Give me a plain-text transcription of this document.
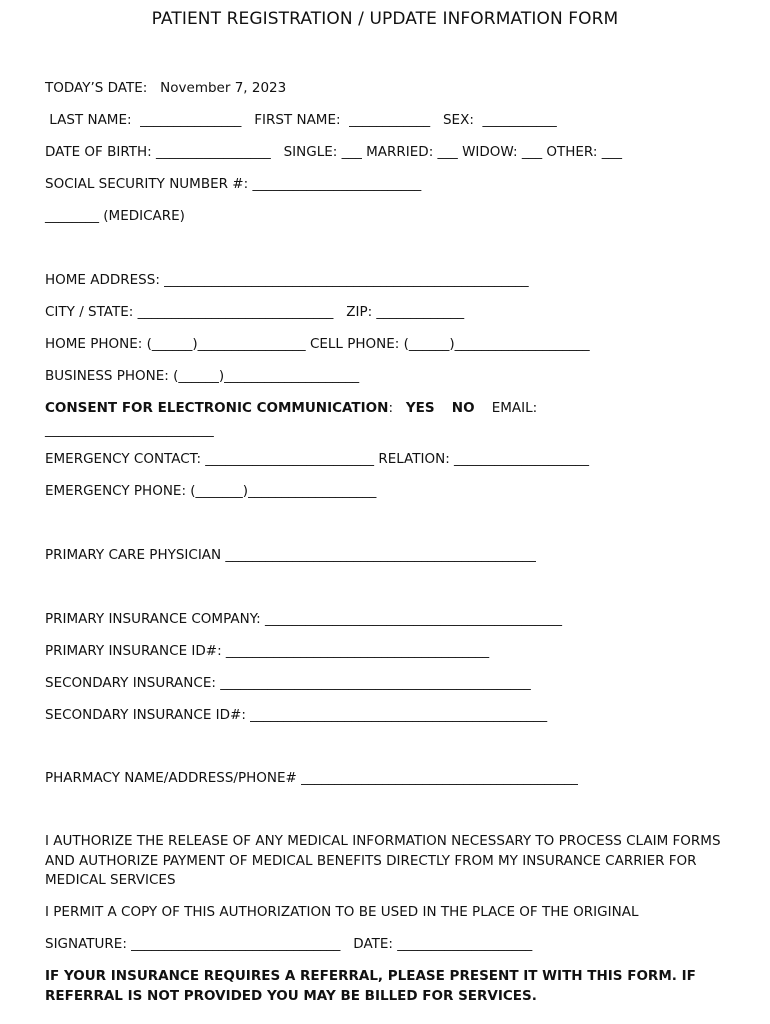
PATIENT REGISTRATION / UPDATE INFORMATION FORM
TODAY’S DATE: November 7, 2023
LAST NAME:  _______________   FIRST NAME:  ____________   SEX:  ___________
DATE OF BIRTH: _________________   SINGLE: ___ MARRIED: ___ WIDOW: ___ OTHER: ___
SOCIAL SECURITY NUMBER #: _________________________
________ (MEDICARE)
HOME ADDRESS: ______________________________________________________
CITY / STATE: _____________________________   ZIP: _____________
HOME PHONE: (______)________________ CELL PHONE: (______)____________________
BUSINESS PHONE: (______)____________________
CONSENT FOR ELECTRONIC COMMUNICATION:   YES NO EMAIL:
_________________________
EMERGENCY CONTACT: _________________________ RELATION: ____________________
EMERGENCY PHONE: (_______)___________________
PRIMARY CARE PHYSICIAN ______________________________________________
PRIMARY INSURANCE COMPANY: ____________________________________________
PRIMARY INSURANCE ID#: _______________________________________
SECONDARY INSURANCE: ______________________________________________
SECONDARY INSURANCE ID#: ____________________________________________
PHARMACY NAME/ADDRESS/PHONE# _________________________________________
I AUTHORIZE THE RELEASE OF ANY MEDICAL INFORMATION NECESSARY TO PROCESS CLAIM FORMS AND AUTHORIZE PAYMENT OF MEDICAL BENEFITS DIRECTLY FROM MY INSURANCE CARRIER FOR MEDICAL SERVICES
I PERMIT A COPY OF THIS AUTHORIZATION TO BE USED IN THE PLACE OF THE ORIGINAL
SIGNATURE: _______________________________   DATE: ____________________
IF YOUR INSURANCE REQUIRES A REFERRAL, PLEASE PRESENT IT WITH THIS FORM. IF REFERRAL IS NOT PROVIDED YOU MAY BE BILLED FOR SERVICES.
